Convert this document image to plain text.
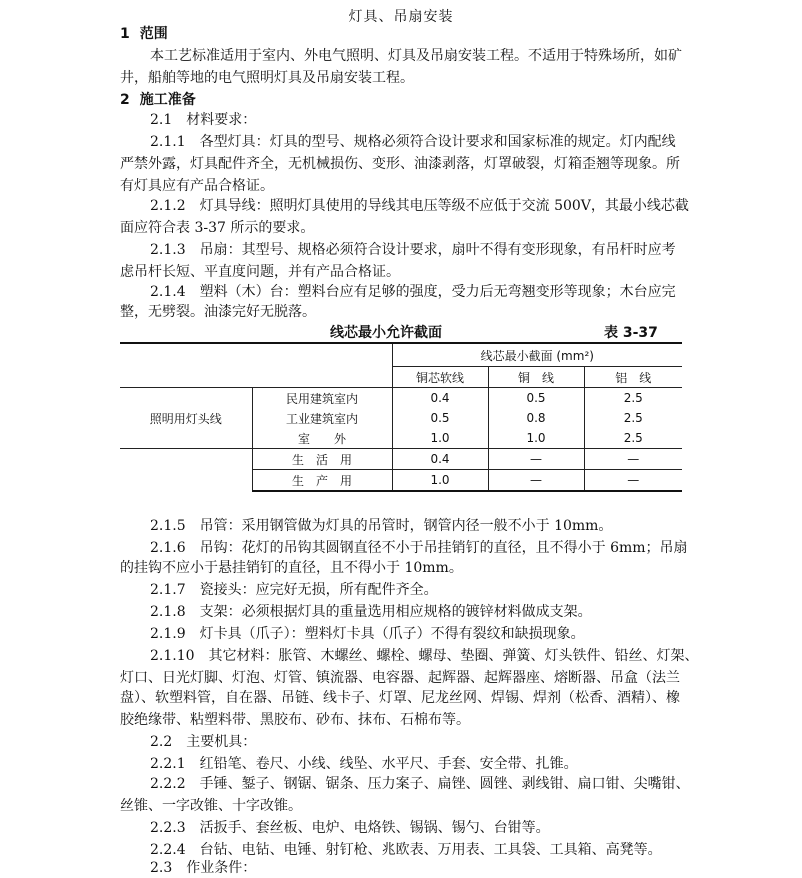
灯具、吊扇安装
1 范围
本工艺标准适用于室内、外电气照明、灯具及吊扇安装工程。不适用于特殊场所，如矿
井，船舶等地的电气照明灯具及吊扇安装工程。
2 施工准备
2.1　材料要求：
2.1.1　各型灯具：灯具的型号、规格必须符合设计要求和国家标准的规定。灯内配线
严禁外露，灯具配件齐全，无机械损伤、变形、油漆剥落，灯罩破裂，灯箱歪翘等现象。所
有灯具应有产品合格证。
2.1.2　灯具导线：照明灯具使用的导线其电压等级不应低于交流 500V，其最小线芯截
面应符合表 3-37 所示的要求。
2.1.3　吊扇：其型号、规格必须符合设计要求，扇叶不得有变形现象，有吊杆时应考
虑吊杆长短、平直度问题，并有产品合格证。
2.1.4　塑料（木）台：塑料台应有足够的强度，受力后无弯翘变形等现象；木台应完
整，无劈裂。油漆完好无脱落。
线芯最小允许截面	表 3-37
		线芯最小截面 (mm²)		
		铜芯软线	铜　线	铝　线
照明用灯头线	民用建筑室内	0.4	0.5	2.5
	工业建筑室内	0.5	0.8	2.5
	室　　外	1.0	1.0	2.5
	生　活　用	0.4	—	—
	生　产　用	1.0	—	—
2.1.5　吊管：采用钢管做为灯具的吊管时，钢管内径一般不小于 10mm。
2.1.6　吊钩：花灯的吊钩其圆钢直径不小于吊挂销钉的直径，且不得小于 6mm；吊扇
的挂钩不应小于悬挂销钉的直径，且不得小于 10mm。
2.1.7　瓷接头：应完好无损，所有配件齐全。
2.1.8　支架：必须根据灯具的重量选用相应规格的镀锌材料做成支架。
2.1.9　灯卡具（爪子）：塑料灯卡具（爪子）不得有裂纹和缺损现象。
2.1.10　其它材料：胀管、木螺丝、螺栓、螺母、垫圈、弹簧、灯头铁件、铅丝、灯架、
灯口、日光灯脚、灯泡、灯管、镇流器、电容器、起辉器、起辉器座、熔断器、吊盒（法兰
盘）、软塑料管，自在器、吊链、线卡子、灯罩、尼龙丝网、焊锡、焊剂（松香、酒精）、橡
胶绝缘带、粘塑料带、黑胶布、砂布、抹布、石棉布等。
2.2　主要机具：
2.2.1　红铅笔、卷尺、小线、线坠、水平尺、手套、安全带、扎锥。
2.2.2　手锤、錾子、钢锯、锯条、压力案子、扁锉、圆锉、剥线钳、扁口钳、尖嘴钳、
丝锥、一字改锥、十字改锥。
2.2.3　活扳手、套丝板、电炉、电烙铁、锡锅、锡勺、台钳等。
2.2.4　台钻、电钻、电锤、射钉枪、兆欧表、万用表、工具袋、工具箱、高凳等。
2.3　作业条件：
